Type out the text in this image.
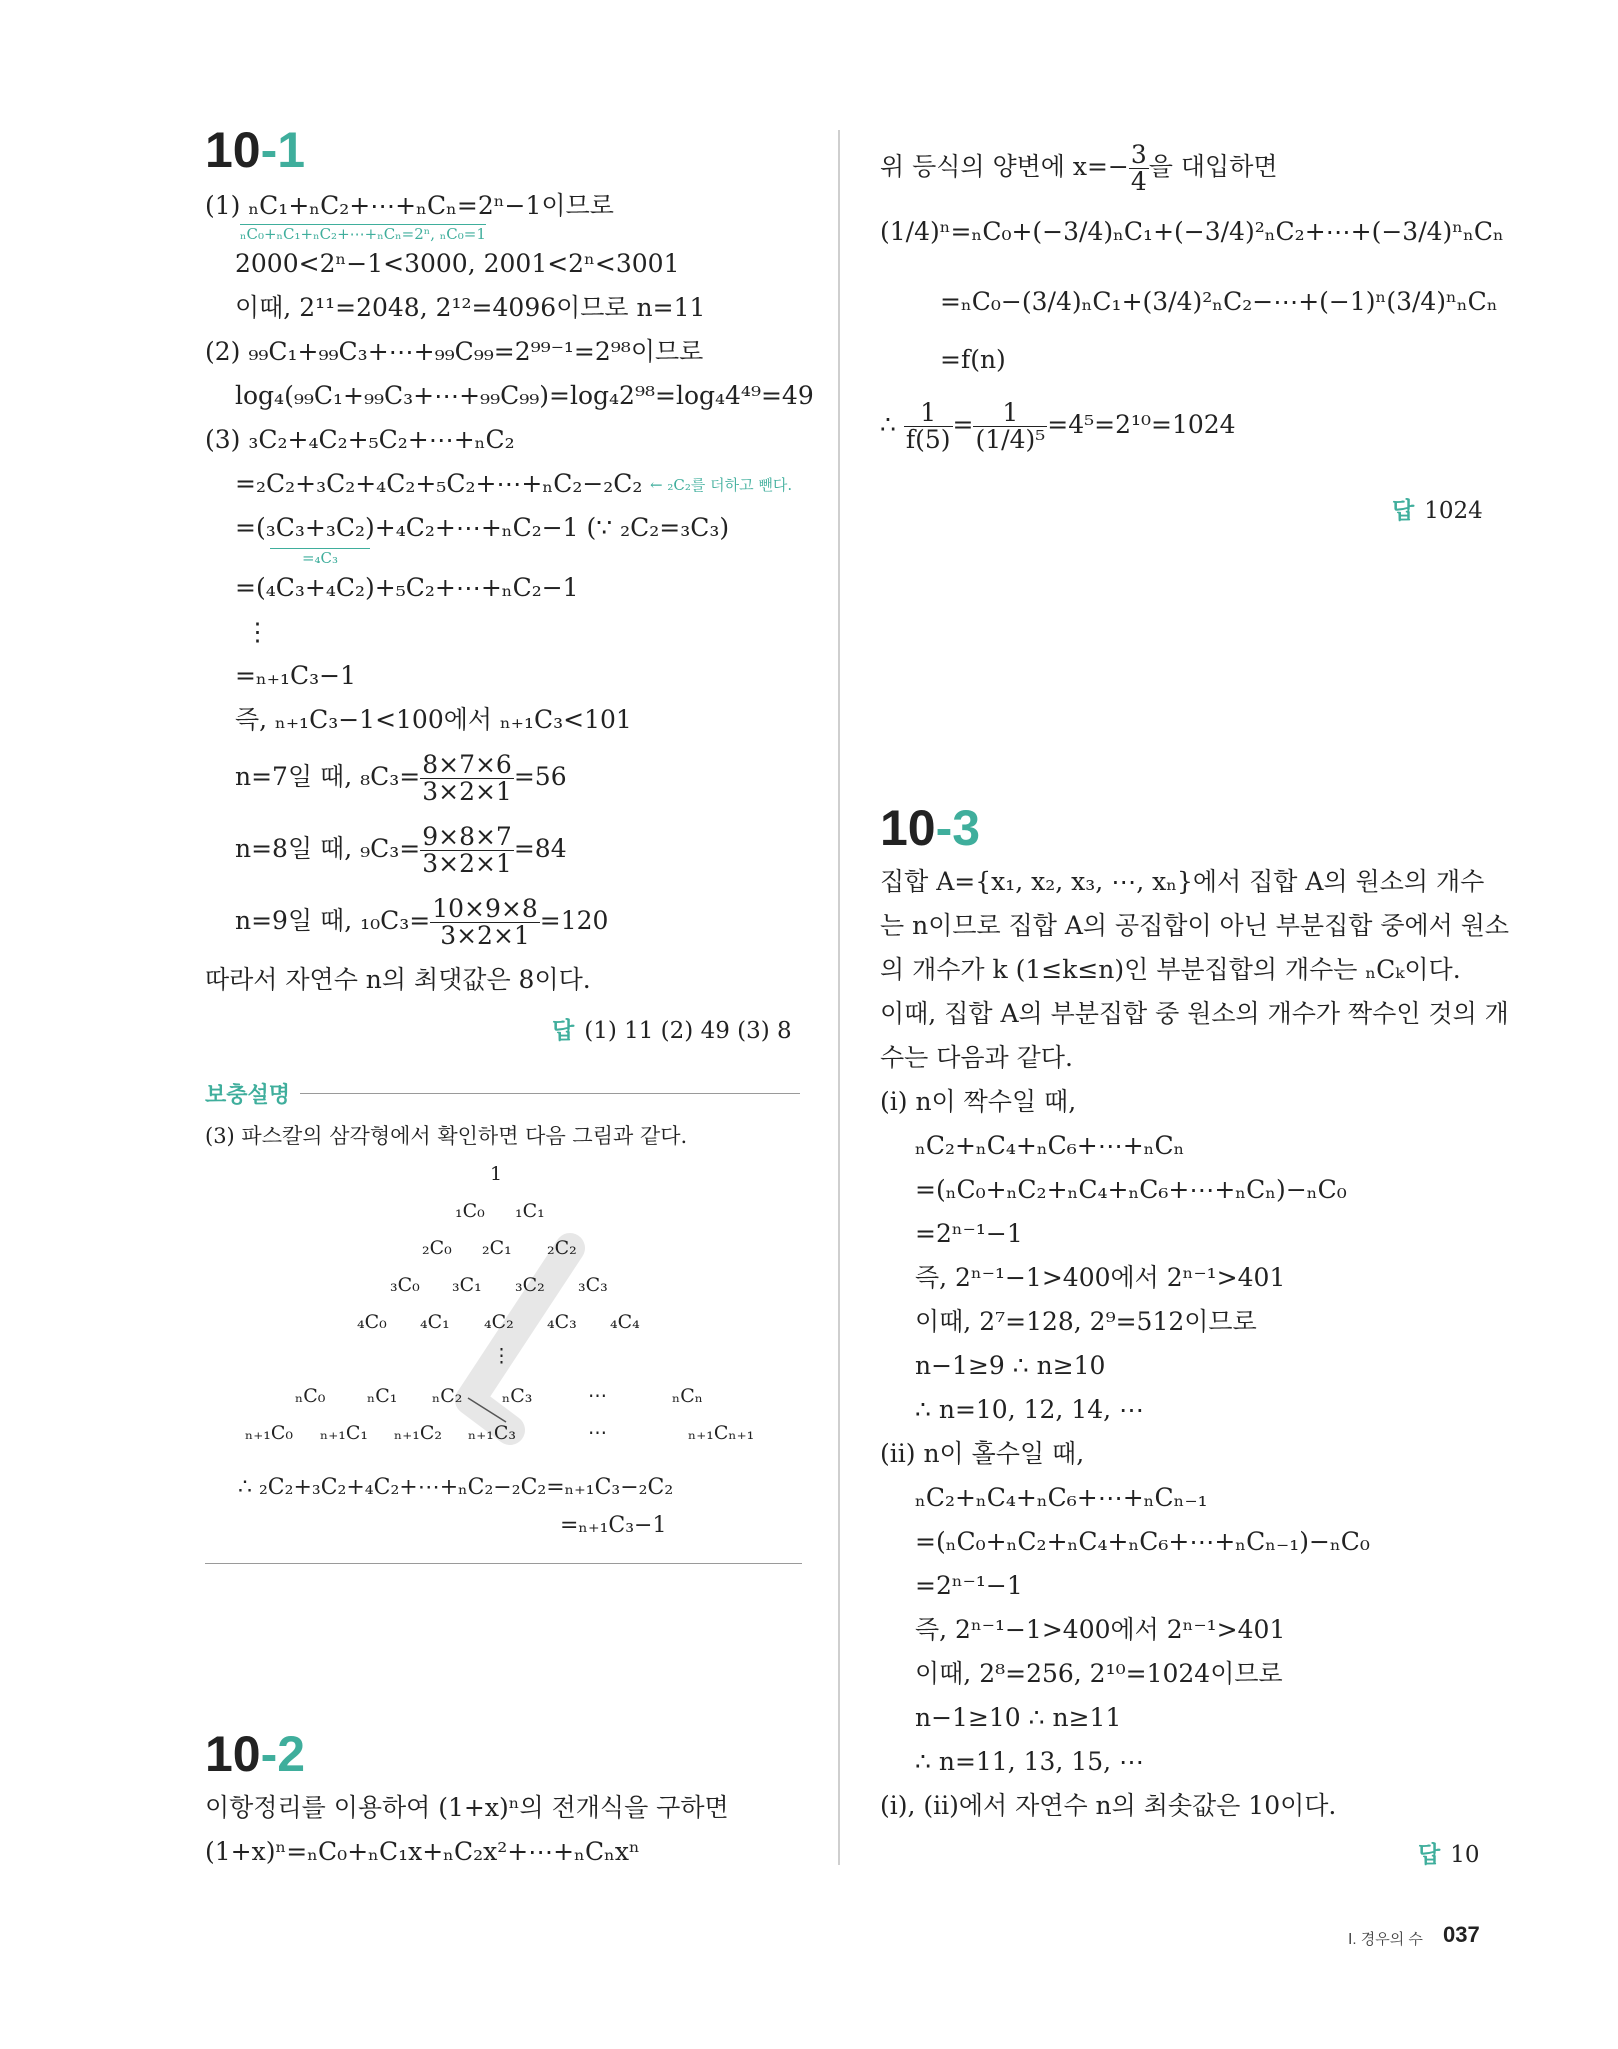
10-1
(1) ₙC₁+ₙC₂+⋯+ₙCₙ=2ⁿ−1이므로
ₙC₀+ₙC₁+ₙC₂+⋯+ₙCₙ=2ⁿ, ₙC₀=1
2000<2ⁿ−1<3000, 2001<2ⁿ<3001
이때, 2¹¹=2048, 2¹²=4096이므로 n=11
(2) ₉₉C₁+₉₉C₃+⋯+₉₉C₉₉=2⁹⁹⁻¹=2⁹⁸이므로
log₄(₉₉C₁+₉₉C₃+⋯+₉₉C₉₉)=log₄2⁹⁸=log₄4⁴⁹=49
(3) ₃C₂+₄C₂+₅C₂+⋯+ₙC₂
=₂C₂+₃C₂+₄C₂+₅C₂+⋯+ₙC₂−₂C₂ ← ₂C₂를 더하고 뺀다.
=(₃C₃+₃C₂)+₄C₂+⋯+ₙC₂−1 (∵ ₂C₂=₃C₃)
=₄C₃
=(₄C₃+₄C₂)+₅C₂+⋯+ₙC₂−1
⋮
=ₙ₊₁C₃−1
즉, ₙ₊₁C₃−1<100에서 ₙ₊₁C₃<101
n=7일 때, $_8C_3= \frac{8\times 7\times 6}{3\times 2\times 1} =56$
n=8일 때, $_9C_3= \frac{9\times 8\times 7}{3\times 2\times 1} =84$
n=9일 때, $_{10}C_3= \frac{10\times 9\times 8}{3\times 2\times 1} =120$
따라서 자연수 n의 최댓값은 8이다.
답 (1) 11 (2) 49 (3) 8
보충설명
(3) 파스칼의 삼각형에서 확인하면 다음 그림과 같다.
1
₁C₀ ₁C₁
₂C₀ ₂C₁ ₂C₂
₃C₀ ₃C₁ ₃C₂ ₃C₃
₄C₀ ₄C₁ ₄C₂ ₄C₃ ₄C₄
⋮
ₙC₀ ₙC₁ ₙC₂ ₙC₃	⋯	ₙCₙ
ₙ₊₁C₀ ₙ₊₁C₁ ₙ₊₁C₂ ₙ₊₁C₃	⋯	ₙ₊₁Cₙ₊₁
∴ ₂C₂+₃C₂+₄C₂+⋯+ₙC₂−₂C₂=ₙ₊₁C₃−₂C₂
=ₙ₊₁C₃−1
10-2
이항정리를 이용하여 (1+x)ⁿ의 전개식을 구하면
(1+x)ⁿ=ₙC₀+ₙC₁x+ₙC₂x²+⋯+ₙCₙxⁿ
위 등식의 양변에 $x=- \frac{3}{4}$ 을 대입하면
(1/4)ⁿ=ₙC₀+(−3/4)ₙC₁+(−3/4)²ₙC₂+⋯+(−3/4)ⁿₙCₙ
=ₙC₀−(3/4)ₙC₁+(3/4)²ₙC₂−⋯+(−1)ⁿ(3/4)ⁿₙCₙ
=f(n)
∴ $\frac{1}{f(5)} = \frac{1}{\text{(1/4)⁵}} =4^5=2^{10}=1024$
답 1024
10-3
집합 A={x₁, x₂, x₃, ⋯, xₙ}에서 집합 A의 원소의 개수
는 n이므로 집합 A의 공집합이 아닌 부분집합 중에서 원소
의 개수가 k (1≤k≤n)인 부분집합의 개수는 ₙCₖ이다.
이때, 집합 A의 부분집합 중 원소의 개수가 짝수인 것의 개
수는 다음과 같다.
(i) n이 짝수일 때,
ₙC₂+ₙC₄+ₙC₆+⋯+ₙCₙ
=(ₙC₀+ₙC₂+ₙC₄+ₙC₆+⋯+ₙCₙ)−ₙC₀
=2ⁿ⁻¹−1
즉, 2ⁿ⁻¹−1>400에서 2ⁿ⁻¹>401
이때, 2⁷=128, 2⁹=512이므로
n−1≥9 ∴ n≥10
∴ n=10, 12, 14, ⋯
(ii) n이 홀수일 때,
ₙC₂+ₙC₄+ₙC₆+⋯+ₙCₙ₋₁
=(ₙC₀+ₙC₂+ₙC₄+ₙC₆+⋯+ₙCₙ₋₁)−ₙC₀
=2ⁿ⁻¹−1
즉, 2ⁿ⁻¹−1>400에서 2ⁿ⁻¹>401
이때, 2⁸=256, 2¹⁰=1024이므로
n−1≥10 ∴ n≥11
∴ n=11, 13, 15, ⋯
(i), (ii)에서 자연수 n의 최솟값은 10이다.
답 10
Ⅰ. 경우의 수 037
